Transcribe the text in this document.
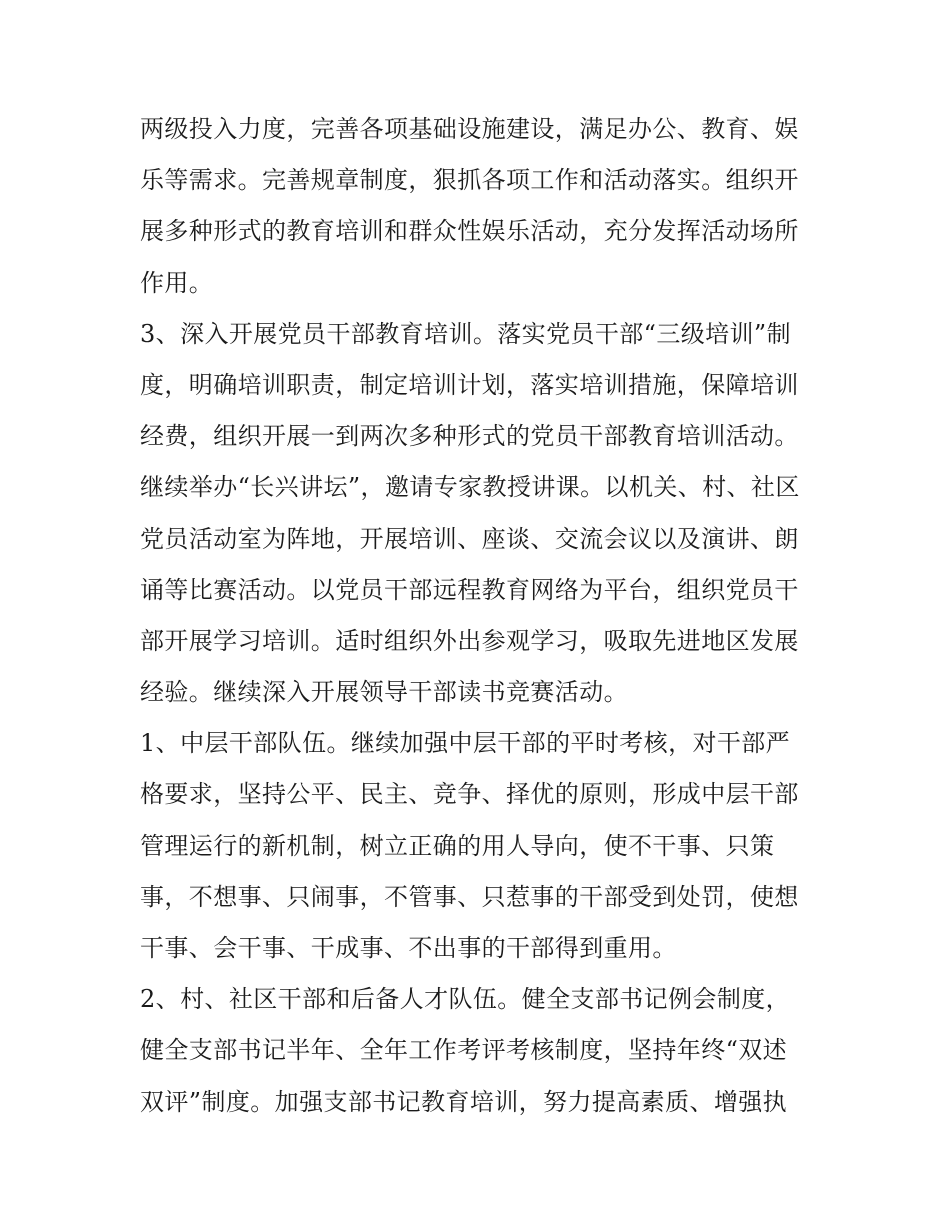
两级投入力度，完善各项基础设施建设，满足办公、教育、娱
乐等需求。完善规章制度，狠抓各项工作和活动落实。组织开
展多种形式的教育培训和群众性娱乐活动，充分发挥活动场所
作用。
3、深入开展党员干部教育培训。落实党员干部“三级培训”制
度，明确培训职责，制定培训计划，落实培训措施，保障培训
经费，组织开展一到两次多种形式的党员干部教育培训活动。
继续举办“长兴讲坛”，邀请专家教授讲课。以机关、村、社区
党员活动室为阵地，开展培训、座谈、交流会议以及演讲、朗
诵等比赛活动。以党员干部远程教育网络为平台，组织党员干
部开展学习培训。适时组织外出参观学习，吸取先进地区发展
经验。继续深入开展领导干部读书竞赛活动。
1、中层干部队伍。继续加强中层干部的平时考核，对干部严
格要求，坚持公平、民主、竞争、择优的原则，形成中层干部
管理运行的新机制，树立正确的用人导向，使不干事、只策
事，不想事、只闹事，不管事、只惹事的干部受到处罚，使想
干事、会干事、干成事、不出事的干部得到重用。
2、村、社区干部和后备人才队伍。健全支部书记例会制度，
健全支部书记半年、全年工作考评考核制度，坚持年终“双述
双评”制度。加强支部书记教育培训，努力提高素质、增强执
